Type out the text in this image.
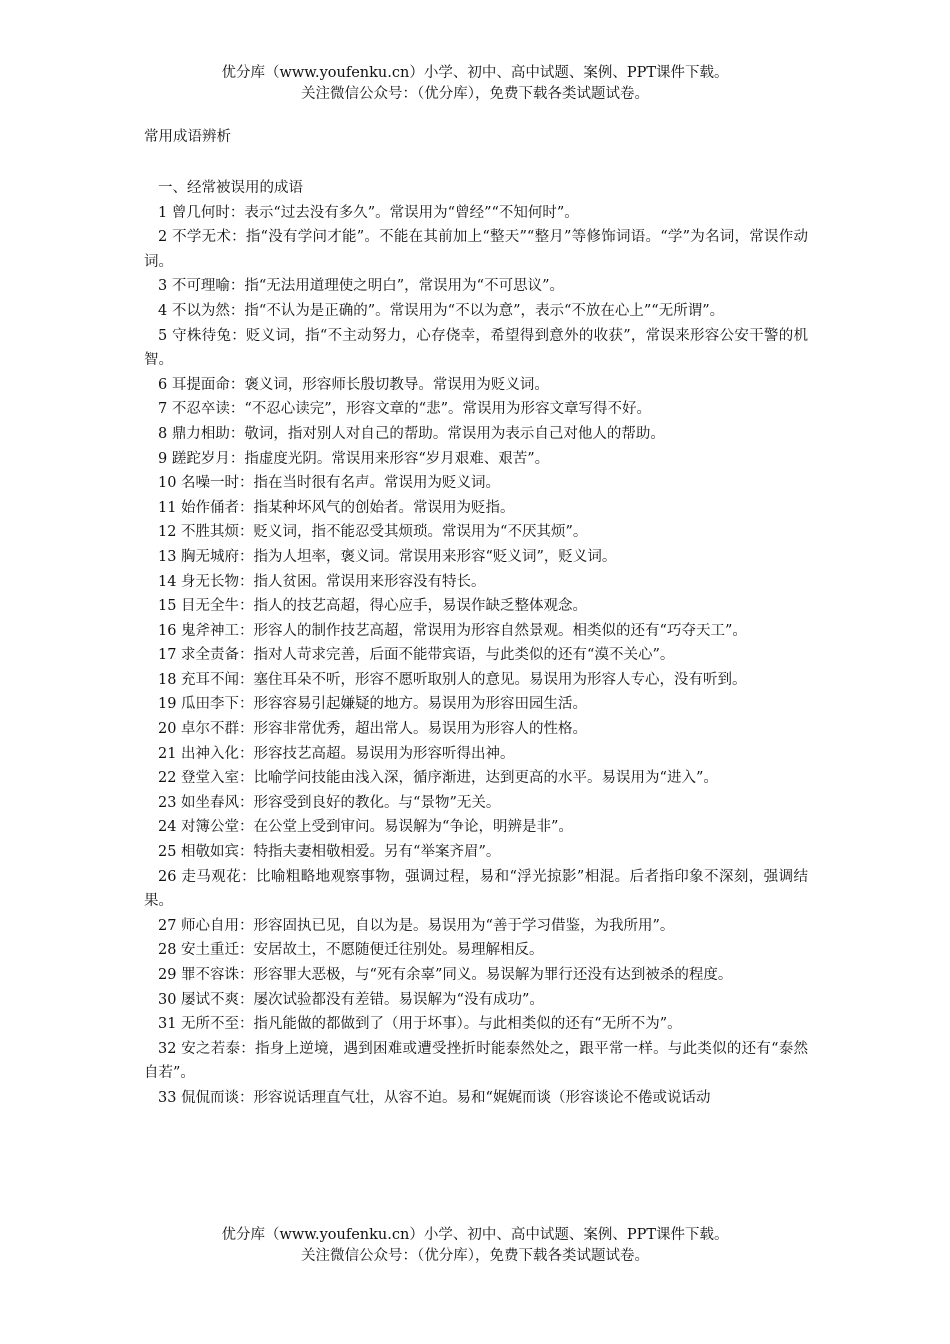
优分库（www.youfenku.cn）小学、初中、高中试题、案例、PPT课件下载。
关注微信公众号：（优分库），免费下载各类试题试卷。
常用成语辨析
一、经常被误用的成语

1 曾几何时：表示“过去没有多久”。常误用为“曾经”“不知何时”。

2 不学无术：指“没有学问才能”。不能在其前加上“整天”“整月”等修饰词语。“学”为名词，常误作动词。

3 不可理喻：指“无法用道理使之明白”，常误用为“不可思议”。

4 不以为然：指“不认为是正确的”。常误用为“不以为意”，表示“不放在心上”“无所谓”。

5 守株待兔：贬义词，指“不主动努力，心存侥幸，希望得到意外的收获”，常误来形容公安干警的机智。

6 耳提面命：褒义词，形容师长殷切教导。常误用为贬义词。

7 不忍卒读：“不忍心读完”，形容文章的“悲”。常误用为形容文章写得不好。

8 鼎力相助：敬词，指对别人对自己的帮助。常误用为表示自己对他人的帮助。

9 蹉跎岁月：指虚度光阴。常误用来形容“岁月艰难、艰苦”。

10 名噪一时：指在当时很有名声。常误用为贬义词。

11 始作俑者：指某种坏风气的创始者。常误用为贬指。

12 不胜其烦：贬义词，指不能忍受其烦琐。常误用为“不厌其烦”。

13 胸无城府：指为人坦率，褒义词。常误用来形容“贬义词”，贬义词。

14 身无长物：指人贫困。常误用来形容没有特长。

15 目无全牛：指人的技艺高超，得心应手，易误作缺乏整体观念。

16 鬼斧神工：形容人的制作技艺高超，常误用为形容自然景观。相类似的还有“巧夺天工”。

17 求全责备：指对人苛求完善，后面不能带宾语，与此类似的还有“漠不关心”。

18 充耳不闻：塞住耳朵不听，形容不愿听取别人的意见。易误用为形容人专心，没有听到。

19 瓜田李下：形容容易引起嫌疑的地方。易误用为形容田园生活。

20 卓尔不群：形容非常优秀，超出常人。易误用为形容人的性格。

21 出神入化：形容技艺高超。易误用为形容听得出神。

22 登堂入室：比喻学问技能由浅入深，循序渐进，达到更高的水平。易误用为“进入”。

23 如坐春风：形容受到良好的教化。与“景物”无关。

24 对簿公堂：在公堂上受到审问。易误解为“争论，明辨是非”。

25 相敬如宾：特指夫妻相敬相爱。另有“举案齐眉”。

26 走马观花：比喻粗略地观察事物，强调过程，易和“浮光掠影”相混。后者指印象不深刻，强调结果。

27 师心自用：形容固执已见，自以为是。易误用为“善于学习借鉴，为我所用”。

28 安土重迁：安居故土，不愿随便迁往别处。易理解相反。

29 罪不容诛：形容罪大恶极，与“死有余辜”同义。易误解为罪行还没有达到被杀的程度。

30 屡试不爽：屡次试验都没有差错。易误解为“没有成功”。

31 无所不至：指凡能做的都做到了（用于坏事）。与此相类似的还有“无所不为”。

32 安之若泰：指身上逆境，遇到困难或遭受挫折时能泰然处之，跟平常一样。与此类似的还有“泰然自若”。

33 侃侃而谈：形容说话理直气壮，从容不迫。易和“娓娓而谈（形容谈论不倦或说话动

优分库（www.youfenku.cn）小学、初中、高中试题、案例、PPT课件下载。
关注微信公众号：（优分库），免费下载各类试题试卷。
